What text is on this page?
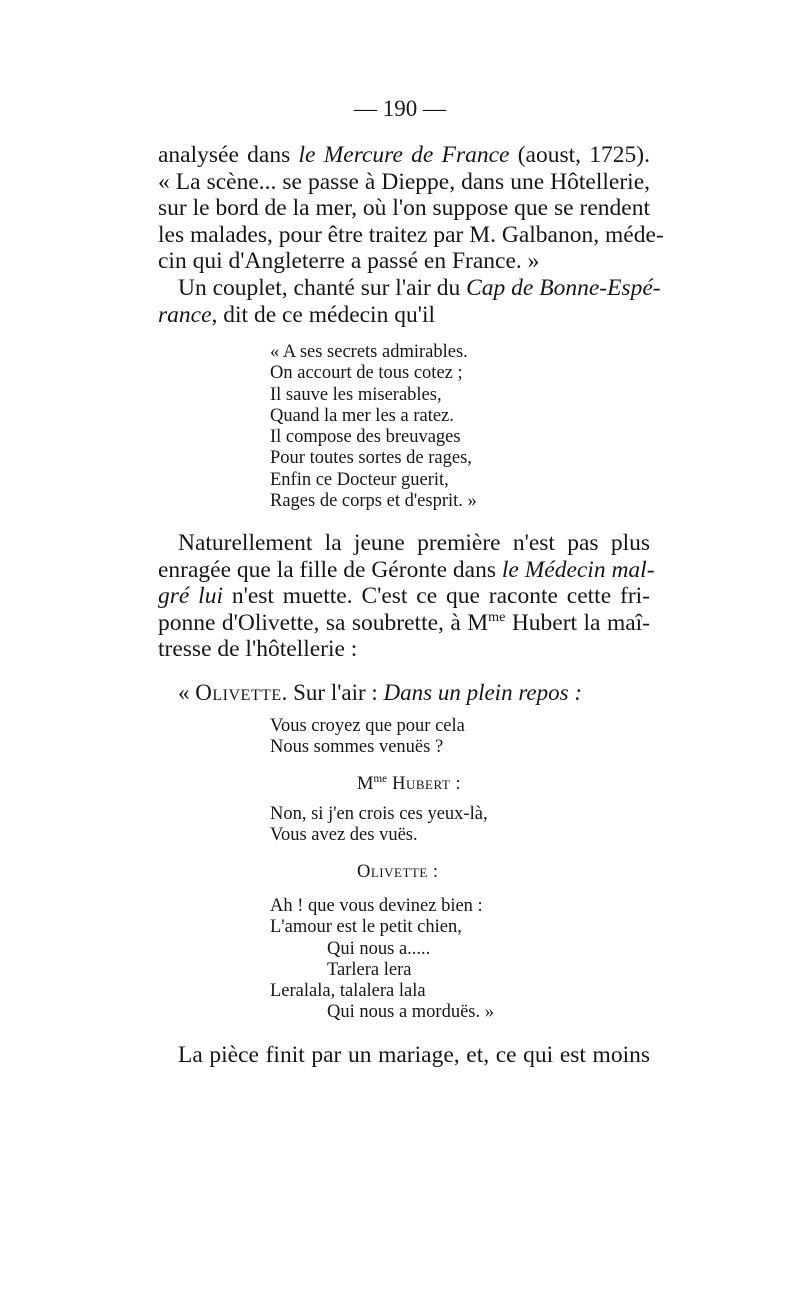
— 190 —
analysée dans le Mercure de France (aoust, 1725).
« La scène... se passe à Dieppe, dans une Hôtellerie,
sur le bord de la mer, où l'on suppose que se rendent
les malades, pour être traitez par M. Galbanon, méde-
cin qui d'Angleterre a passé en France. »
Un couplet, chanté sur l'air du Cap de Bonne-Espé-
rance, dit de ce médecin qu'il
« A ses secrets admirables.
On accourt de tous cotez ;
Il sauve les miserables,
Quand la mer les a ratez.
Il compose des breuvages
Pour toutes sortes de rages,
Enfin ce Docteur guerit,
Rages de corps et d'esprit. »
Naturellement la jeune première n'est pas plus
enragée que la fille de Géronte dans le Médecin mal-
gré lui n'est muette. C'est ce que raconte cette fri-
ponne d'Olivette, sa soubrette, à $M^{me}$ Hubert la maî-
tresse de l'hôtellerie :
« Olivette. Sur l'air : Dans un plein repos :
Vous croyez que pour cela
Nous sommes venuës ?
$M^{me}$ Hubert :
Non, si j'en crois ces yeux-là,
Vous avez des vuës.
Olivette :
Ah ! que vous devinez bien :
L'amour est le petit chien,
Qui nous a.....
Tarlera lera
Leralala, talalera lala
Qui nous a morduës. »
La pièce finit par un mariage, et, ce qui est moins
